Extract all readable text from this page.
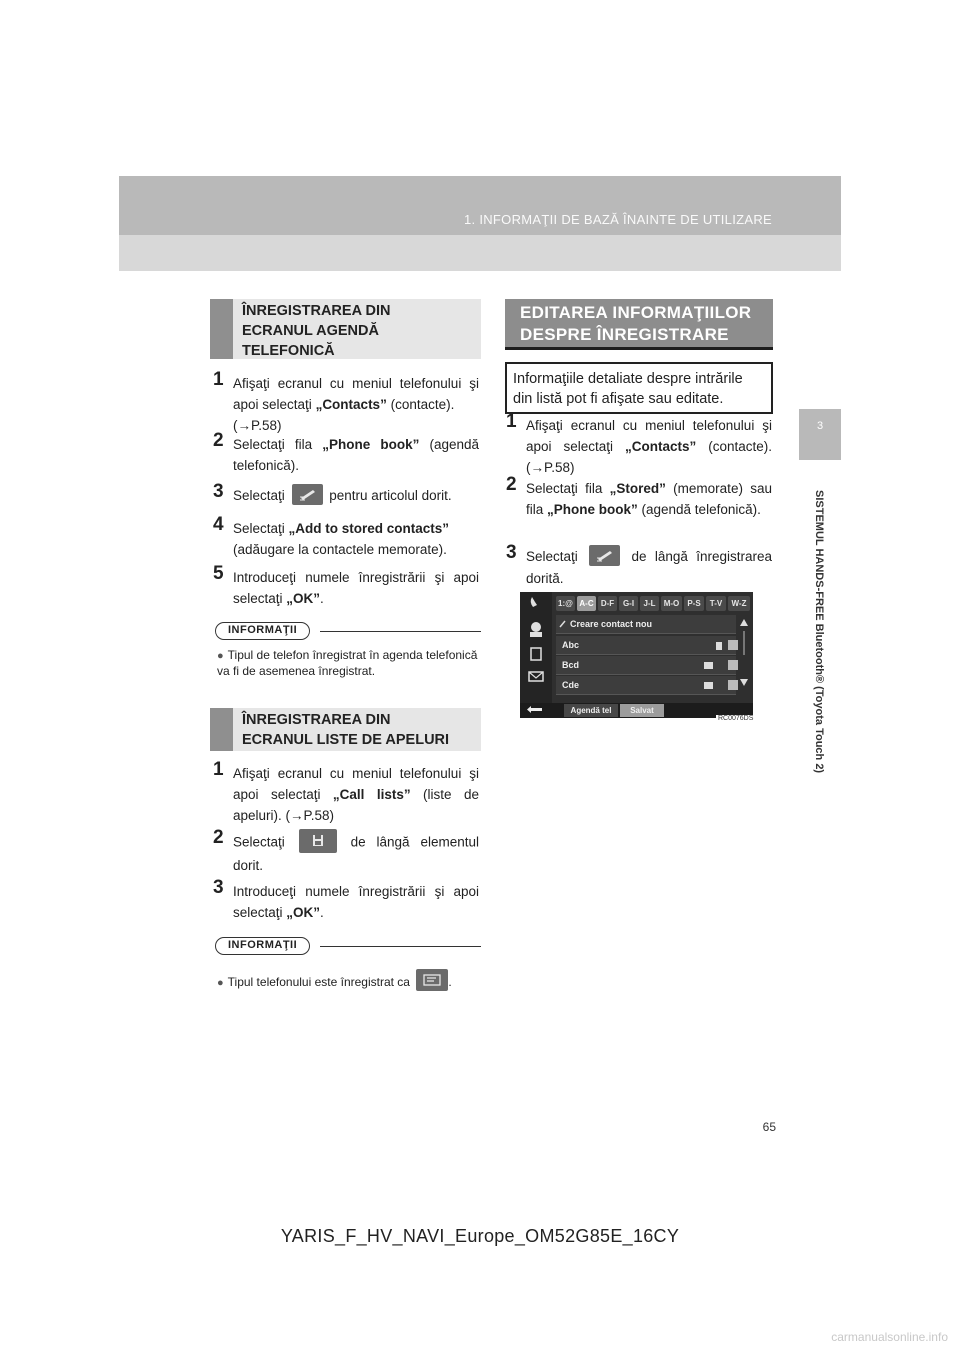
1. INFORMAŢII DE BAZĂ ÎNAINTE DE UTILIZARE
3
SISTEMUL HANDS-FREE Bluetooth® (Toyota Touch 2)
ÎNREGISTRAREA DIN
ECRANUL AGENDĂ
TELEFONICĂ
1 Afişaţi ecranul cu meniul telefonului şi apoi selectaţi „Contacts” (contacte).
(→P.58)
2 Selectaţi fila „Phone book” (agendă telefonică).
3 Selectaţi	pentru articolul dorit.
4 Selectaţi „Add to stored contacts” (adăugare la contactele memorate).
5 Introduceţi numele înregistrării şi apoi selectaţi „OK”.
INFORMAŢII
● Tipul de telefon înregistrat în agenda telefonică va fi de asemenea înregistrat.
ÎNREGISTRAREA DIN
ECRANUL LISTE DE APELURI
1 Afişaţi ecranul cu meniul telefonului şi apoi selectaţi „Call lists” (liste de apeluri). (→P.58)
2 Selectaţi	de lângă elementul dorit.
3 Introduceţi numele înregistrării şi apoi selectaţi „OK”.
INFORMAŢII
● Tipul telefonului este înregistrat ca	.
EDITAREA INFORMAŢIILOR
DESPRE ÎNREGISTRARE
Informaţiile detaliate despre intrările din listă pot fi afişate sau editate.
1 Afişaţi ecranul cu meniul telefonului şi apoi selectaţi „Contacts” (contacte). (→P.58)
2 Selectaţi fila „Stored” (memorate) sau fila „Phone book” (agendă telefonică).
3 Selectaţi	de lângă înregistrarea dorită.
1:@ A-C D-F	G-I	J-L	M-O	P-S	T-V	W-Z
Creare contact nou
Abc
Bcd
Cde
Agendă tel	Salvat
RC0076DS
65
YARIS_F_HV_NAVI_Europe_OM52G85E_16CY
carmanualsonline.info
